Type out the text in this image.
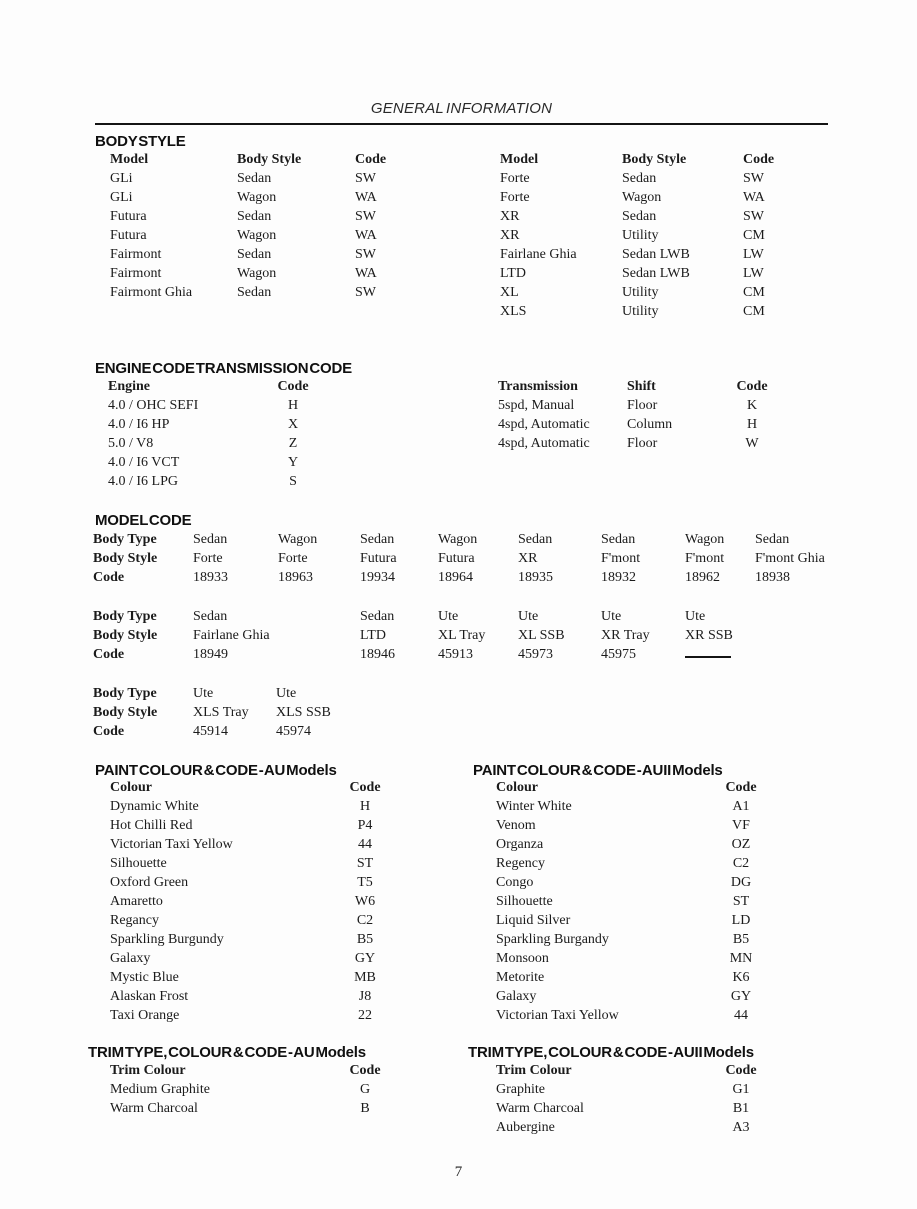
GENERAL INFORMATION
BODY STYLE
Model	Body Style	Code
GLi	Sedan	SW
GLi	Wagon	WA
Futura	Sedan	SW
Futura	Wagon	WA
Fairmont	Sedan	SW
Fairmont	Wagon	WA
Fairmont Ghia	Sedan	SW
Model	Body Style	Code
Forte	Sedan	SW
Forte	Wagon	WA
XR	Sedan	SW
XR	Utility	CM
Fairlane Ghia	Sedan LWB	LW
LTD	Sedan LWB	LW
XL	Utility	CM
XLS	Utility	CM
ENGINE CODE TRANSMISSION CODE
Engine	Code
4.0 / OHC SEFI	H
4.0 / I6 HP	X
5.0 / V8	Z
4.0 / I6 VCT	Y
4.0 / I6 LPG	S
Transmission	Shift	Code
5spd, Manual	Floor	K
4spd, Automatic	Column	H
4spd, Automatic	Floor	W
MODEL CODE
Body Type	Sedan	Wagon	Sedan	Wagon	Sedan	Sedan	Wagon	Sedan
Body Style	Forte	Forte	Futura	Futura	XR	F'mont	F'mont	F'mont Ghia
Code	18933	18963	19934	18964	18935	18932	18962	18938
Body Type	Sedan	Sedan	Ute	Ute	Ute	Ute
Body Style	Fairlane Ghia	LTD	XL Tray	XL SSB	XR Tray	XR SSB
Code	18949	18946	45913	45973	45975	
Body Type	Ute	Ute
Body Style	XLS Tray	XLS SSB
Code	45914	45974
PAINT COLOUR & CODE - AU Models	PAINT COLOUR & CODE - AUII Models
Colour	Code
Dynamic White	H
Hot Chilli Red	P4
Victorian Taxi Yellow	44
Silhouette	ST
Oxford Green	T5
Amaretto	W6
Regancy	C2
Sparkling Burgundy	B5
Galaxy	GY
Mystic Blue	MB
Alaskan Frost	J8
Taxi Orange	22
Colour	Code
Winter White	A1
Venom	VF
Organza	OZ
Regency	C2
Congo	DG
Silhouette	ST
Liquid Silver	LD
Sparkling Burgandy	B5
Monsoon	MN
Metorite	K6
Galaxy	GY
Victorian Taxi Yellow	44
TRIM TYPE, COLOUR & CODE - AU Models	TRIM TYPE, COLOUR & CODE - AUII Models
Trim Colour	Code
Medium Graphite	G
Warm Charcoal	B
Trim Colour	Code
Graphite	G1
Warm Charcoal	B1
Aubergine	A3
7
